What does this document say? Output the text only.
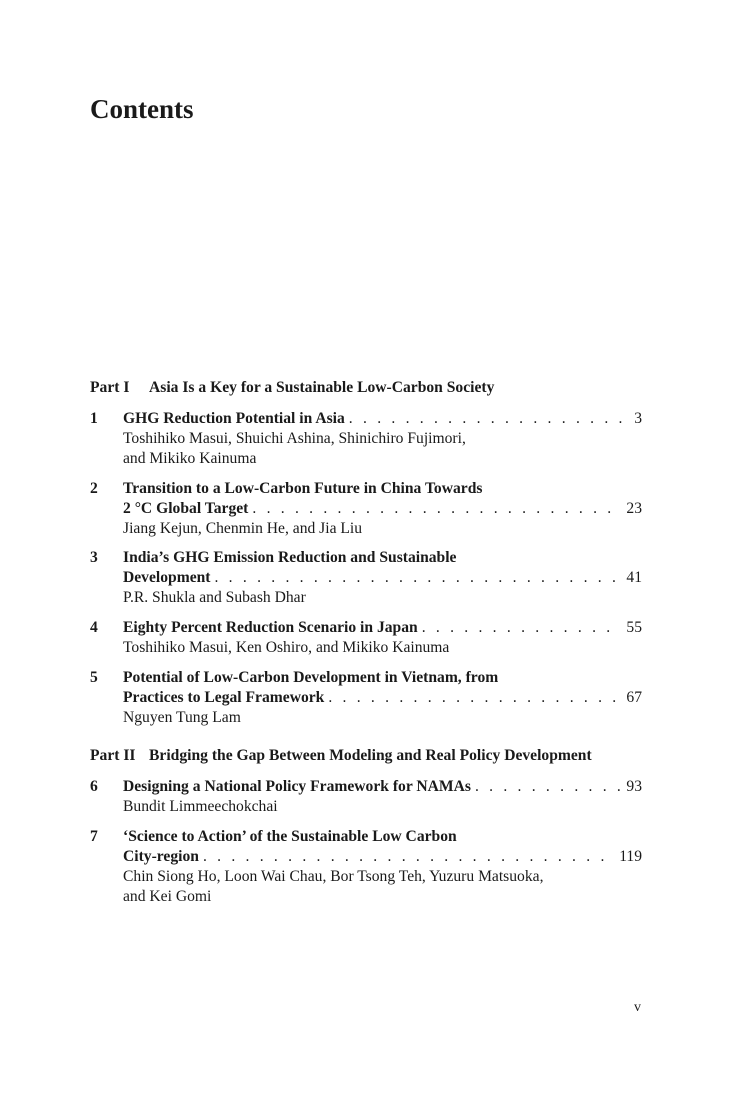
Contents
Part I Asia Is a Key for a Sustainable Low-Carbon Society
1 GHG Reduction Potential in Asia . . .	3
Toshihiko Masui, Shuichi Ashina, Shinichiro Fujimori,
and Mikiko Kainuma
2 Transition to a Low-Carbon Future in China Towards
2 °C Global Target . . .	23
Jiang Kejun, Chenmin He, and Jia Liu
3 India’s GHG Emission Reduction and Sustainable
Development . . .	41
P.R. Shukla and Subash Dhar
4 Eighty Percent Reduction Scenario in Japan . . .	55
Toshihiko Masui, Ken Oshiro, and Mikiko Kainuma
5 Potential of Low-Carbon Development in Vietnam, from
Practices to Legal Framework . . .	67
Nguyen Tung Lam
Part II Bridging the Gap Between Modeling and Real Policy Development
6 Designing a National Policy Framework for NAMAs . . .	93
Bundit Limmeechokchai
7 ‘Science to Action’ of the Sustainable Low Carbon
City-region . . .	119
Chin Siong Ho, Loon Wai Chau, Bor Tsong Teh, Yuzuru Matsuoka,
and Kei Gomi
v
